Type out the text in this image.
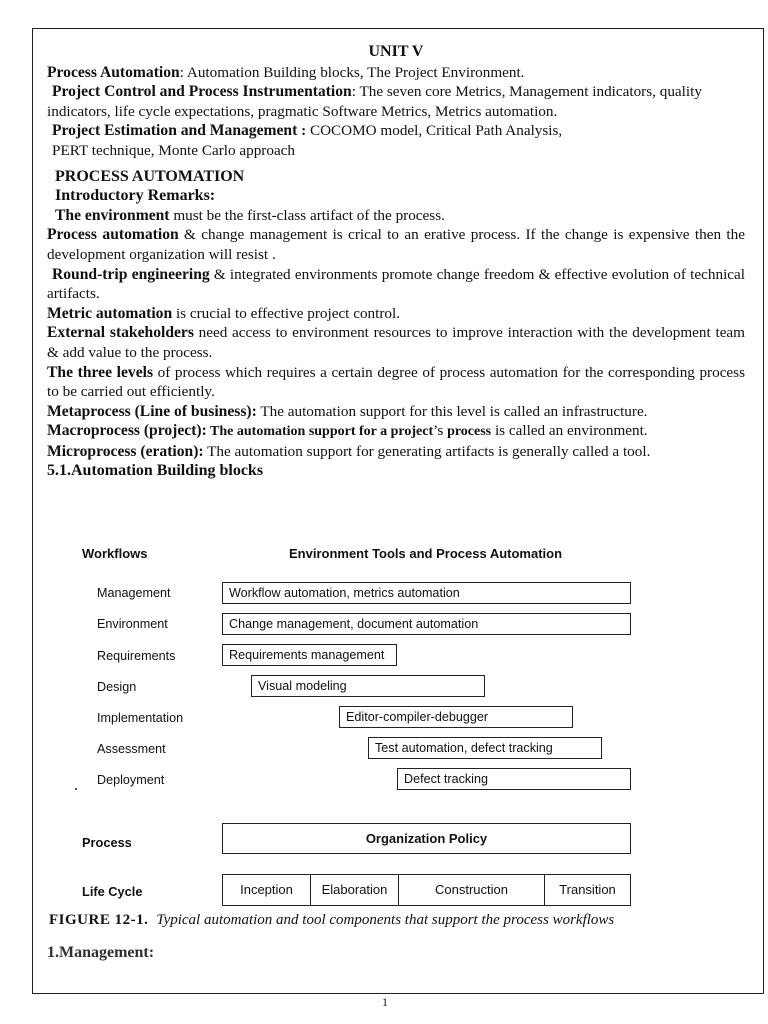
UNIT V

Process Automation: Automation Building blocks, The Project Environment.

Project Control and Process Instrumentation: The seven core Metrics, Management indicators, quality indicators, life cycle expectations, pragmatic Software Metrics, Metrics automation.

Project Estimation and Management : COCOMO model, Critical Path Analysis,

PERT technique, Monte Carlo approach

PROCESS AUTOMATION

Introductory Remarks:

The environment must be the first-class artifact of the process.

Process automation & change management is crical to an erative process. If the change is expensive then the development organization will resist .

Round-trip engineering & integrated environments promote change freedom & effective evolution of technical artifacts.

Metric automation is crucial to effective project control.

External stakeholders need access to environment resources to improve interaction with the development team & add value to the process.

The three levels of process which requires a certain degree of process automation for the corresponding process to be carried out efficiently.

Metaprocess (Line of business): The automation support for this level is called an infrastructure.

Macroprocess (project): The automation support for a project’s process is called an environment.

Microprocess (eration): The automation support for generating artifacts is generally called a tool.

5.1.Automation Building blocks

Workflows	Environment Tools and Process Automation
Management	Workflow automation, metrics automation
Environment	Change management, document automation
Requirements	Requirements management
Design	Visual modeling
Implementation	Editor-compiler-debugger
Assessment	Test automation, defect tracking
Deployment	Defect tracking
Process	Organization Policy
Life Cycle	Inception	Elaboration	Construction	Transition
FIGURE 12-1. Typical automation and tool components that support the process workflows
1.Management:
1
